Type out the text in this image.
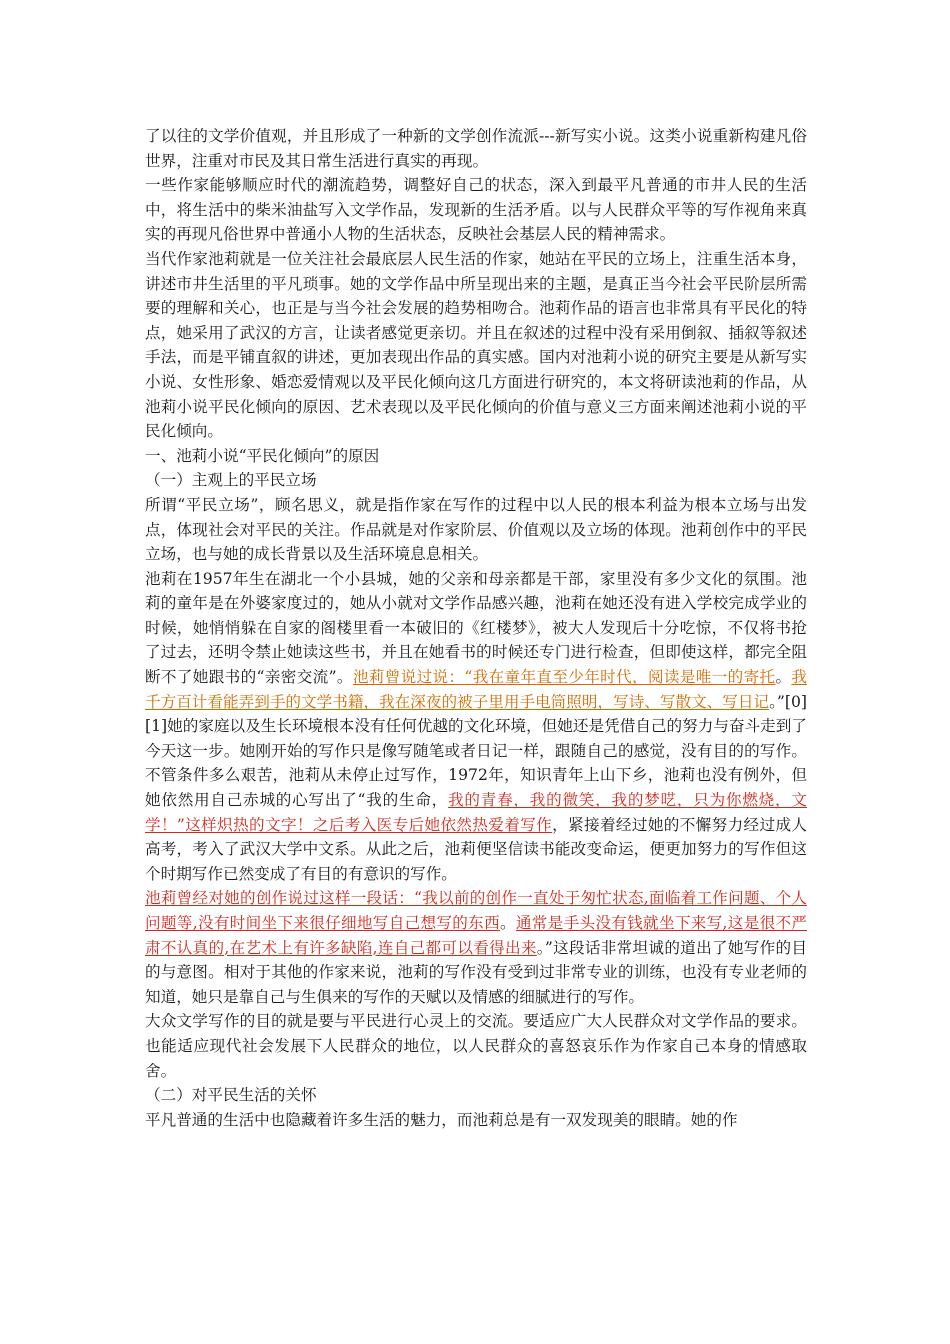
了以往的文学价值观，并且形成了一种新的文学创作流派---新写实小说。这类小说重新构建凡俗世界，注重对市民及其日常生活进行真实的再现。

一些作家能够顺应时代的潮流趋势，调整好自己的状态，深入到最平凡普通的市井人民的生活中，将生活中的柴米油盐写入文学作品，发现新的生活矛盾。以与人民群众平等的写作视角来真实的再现凡俗世界中普通小人物的生活状态，反映社会基层人民的精神需求。

当代作家池莉就是一位关注社会最底层人民生活的作家，她站在平民的立场上，注重生活本身，讲述市井生活里的平凡琐事。她的文学作品中所呈现出来的主题，是真正当今社会平民阶层所需要的理解和关心，也正是与当今社会发展的趋势相吻合。池莉作品的语言也非常具有平民化的特点，她采用了武汉的方言，让读者感觉更亲切。并且在叙述的过程中没有采用倒叙、插叙等叙述手法，而是平铺直叙的讲述，更加表现出作品的真实感。国内对池莉小说的研究主要是从新写实小说、女性形象、婚恋爱情观以及平民化倾向这几方面进行研究的，本文将研读池莉的作品，从池莉小说平民化倾向的原因、艺术表现以及平民化倾向的价值与意义三方面来阐述池莉小说的平民化倾向。

一、池莉小说“平民化倾向”的原因

（一）主观上的平民立场

所谓“平民立场”，顾名思义，就是指作家在写作的过程中以人民的根本利益为根本立场与出发点，体现社会对平民的关注。作品就是对作家阶层、价值观以及立场的体现。池莉创作中的平民立场，也与她的成长背景以及生活环境息息相关。

池莉在1957年生在湖北一个小县城，她的父亲和母亲都是干部，家里没有多少文化的氛围。池莉的童年是在外婆家度过的，她从小就对文学作品感兴趣，池莉在她还没有进入学校完成学业的时候，她悄悄躲在自家的阁楼里看一本破旧的《红楼梦》，被大人发现后十分吃惊，不仅将书抢了过去，还明令禁止她读这些书，并且在她看书的时候还专门进行检查，但即使这样，都完全阻断不了她跟书的“亲密交流”。池莉曾说过说：“我在童年直至少年时代，阅读是唯一的寄托。我千方百计看能弄到手的文学书籍，我在深夜的被子里用手电筒照明，写诗、写散文、写日记。”[0][1]她的家庭以及生长环境根本没有任何优越的文化环境，但她还是凭借自己的努力与奋斗走到了今天这一步。她刚开始的写作只是像写随笔或者日记一样，跟随自己的感觉，没有目的的写作。不管条件多么艰苦，池莉从未停止过写作，1972年，知识青年上山下乡，池莉也没有例外，但她依然用自己赤城的心写出了“我的生命，我的青春，我的微笑，我的梦呓，只为你燃烧，文学！”这样炽热的文字！之后考入医专后她依然热爱着写作，紧接着经过她的不懈努力经过成人高考，考入了武汉大学中文系。从此之后，池莉便坚信读书能改变命运，便更加努力的写作但这个时期写作已然变成了有目的有意识的写作。

池莉曾经对她的创作说过这样一段话：“我以前的创作一直处于匆忙状态,面临着工作问题、个人问题等,没有时间坐下来很仔细地写自己想写的东西。通常是手头没有钱就坐下来写,这是很不严肃不认真的,在艺术上有许多缺陷,连自己都可以看得出来。”这段话非常坦诚的道出了她写作的目的与意图。相对于其他的作家来说，池莉的写作没有受到过非常专业的训练，也没有专业老师的知道，她只是靠自己与生俱来的写作的天赋以及情感的细腻进行的写作。

大众文学写作的目的就是要与平民进行心灵上的交流。要适应广大人民群众对文学作品的要求。也能适应现代社会发展下人民群众的地位，以人民群众的喜怒哀乐作为作家自己本身的情感取舍。

（二）对平民生活的关怀

平凡普通的生活中也隐藏着许多生活的魅力，而池莉总是有一双发现美的眼睛。她的作
